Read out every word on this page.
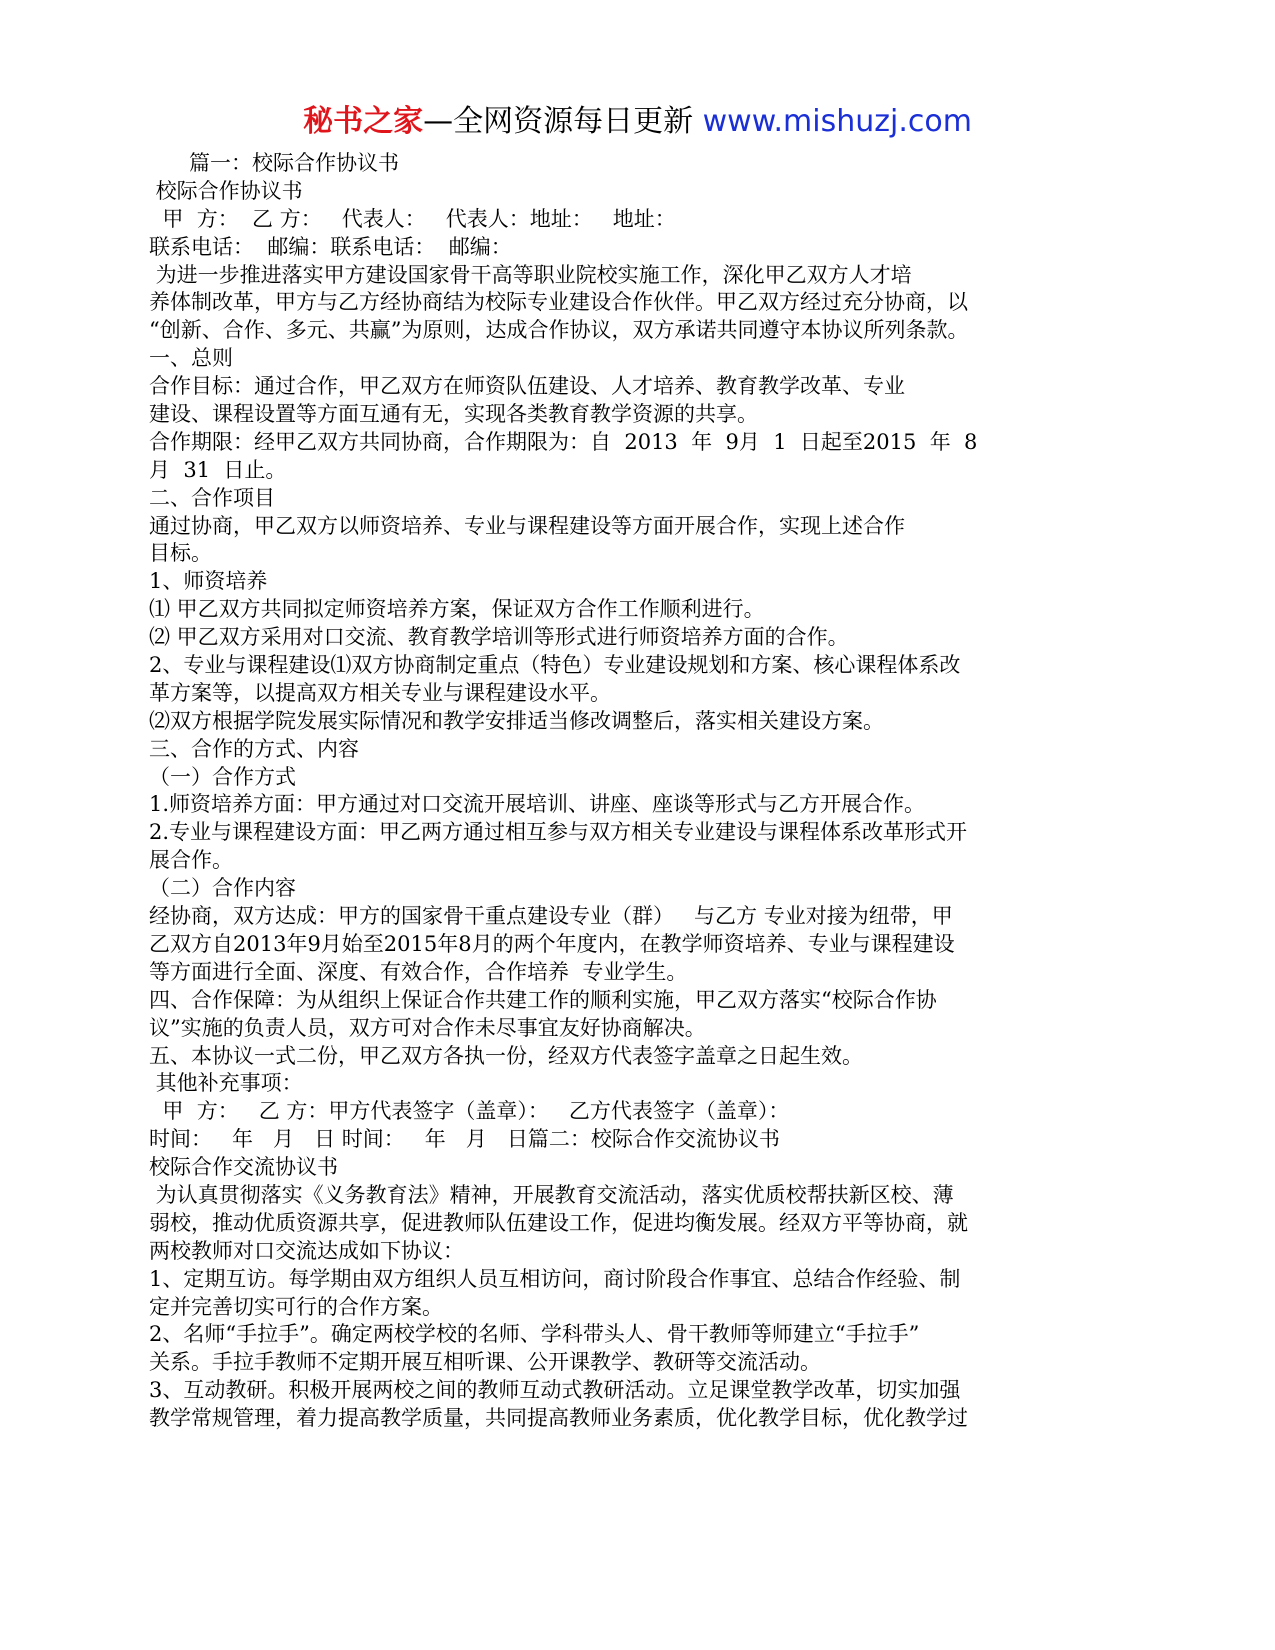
秘书之家—全网资源每日更新 www.mishuzj.com
篇一：校际合作协议书
校际合作协议书
甲  方：  乙 方：   代表人：   代表人：地址：   地址：
联系电话：  邮编：联系电话：  邮编：
为进一步推进落实甲方建设国家骨干高等职业院校实施工作，深化甲乙双方人才培
养体制改革，甲方与乙方经协商结为校际专业建设合作伙伴。甲乙双方经过充分协商，以
“创新、合作、多元、共赢”为原则，达成合作协议，双方承诺共同遵守本协议所列条款。
一、总则
合作目标：通过合作，甲乙双方在师资队伍建设、人才培养、教育教学改革、专业
建设、课程设置等方面互通有无，实现各类教育教学资源的共享。
合作期限：经甲乙双方共同协商，合作期限为：自  2013  年  9月  1  日起至2015  年  8
月  31  日止。
二、合作项目
通过协商，甲乙双方以师资培养、专业与课程建设等方面开展合作，实现上述合作
目标。
1、师资培养
⑴ 甲乙双方共同拟定师资培养方案，保证双方合作工作顺利进行。
⑵ 甲乙双方采用对口交流、教育教学培训等形式进行师资培养方面的合作。
2、专业与课程建设⑴双方协商制定重点（特色）专业建设规划和方案、核心课程体系改
革方案等，以提高双方相关专业与课程建设水平。
⑵双方根据学院发展实际情况和教学安排适当修改调整后，落实相关建设方案。
三、合作的方式、内容
（一）合作方式
1.师资培养方面：甲方通过对口交流开展培训、讲座、座谈等形式与乙方开展合作。
2.专业与课程建设方面：甲乙两方通过相互参与双方相关专业建设与课程体系改革形式开
展合作。
（二）合作内容
经协商，双方达成：甲方的国家骨干重点建设专业（群）   与乙方 专业对接为纽带，甲
乙双方自2013年9月始至2015年8月的两个年度内，在教学师资培养、专业与课程建设
等方面进行全面、深度、有效合作，合作培养  专业学生。
四、合作保障：为从组织上保证合作共建工作的顺利实施，甲乙双方落实“校际合作协
议”实施的负责人员，双方可对合作未尽事宜友好协商解决。
五、本协议一式二份，甲乙双方各执一份，经双方代表签字盖章之日起生效。
其他补充事项：
甲  方：   乙 方：甲方代表签字（盖章）：   乙方代表签字（盖章）：
时间：   年   月   日 时间：   年   月   日篇二：校际合作交流协议书
校际合作交流协议书
为认真贯彻落实《义务教育法》精神，开展教育交流活动，落实优质校帮扶新区校、薄
弱校，推动优质资源共享，促进教师队伍建设工作，促进均衡发展。经双方平等协商，就
两校教师对口交流达成如下协议：
1、定期互访。每学期由双方组织人员互相访问，商讨阶段合作事宜、总结合作经验、制
定并完善切实可行的合作方案。
2、名师“手拉手”。确定两校学校的名师、学科带头人、骨干教师等师建立“手拉手”
关系。手拉手教师不定期开展互相听课、公开课教学、教研等交流活动。
3、互动教研。积极开展两校之间的教师互动式教研活动。立足课堂教学改革，切实加强
教学常规管理，着力提高教学质量，共同提高教师业务素质，优化教学目标，优化教学过
